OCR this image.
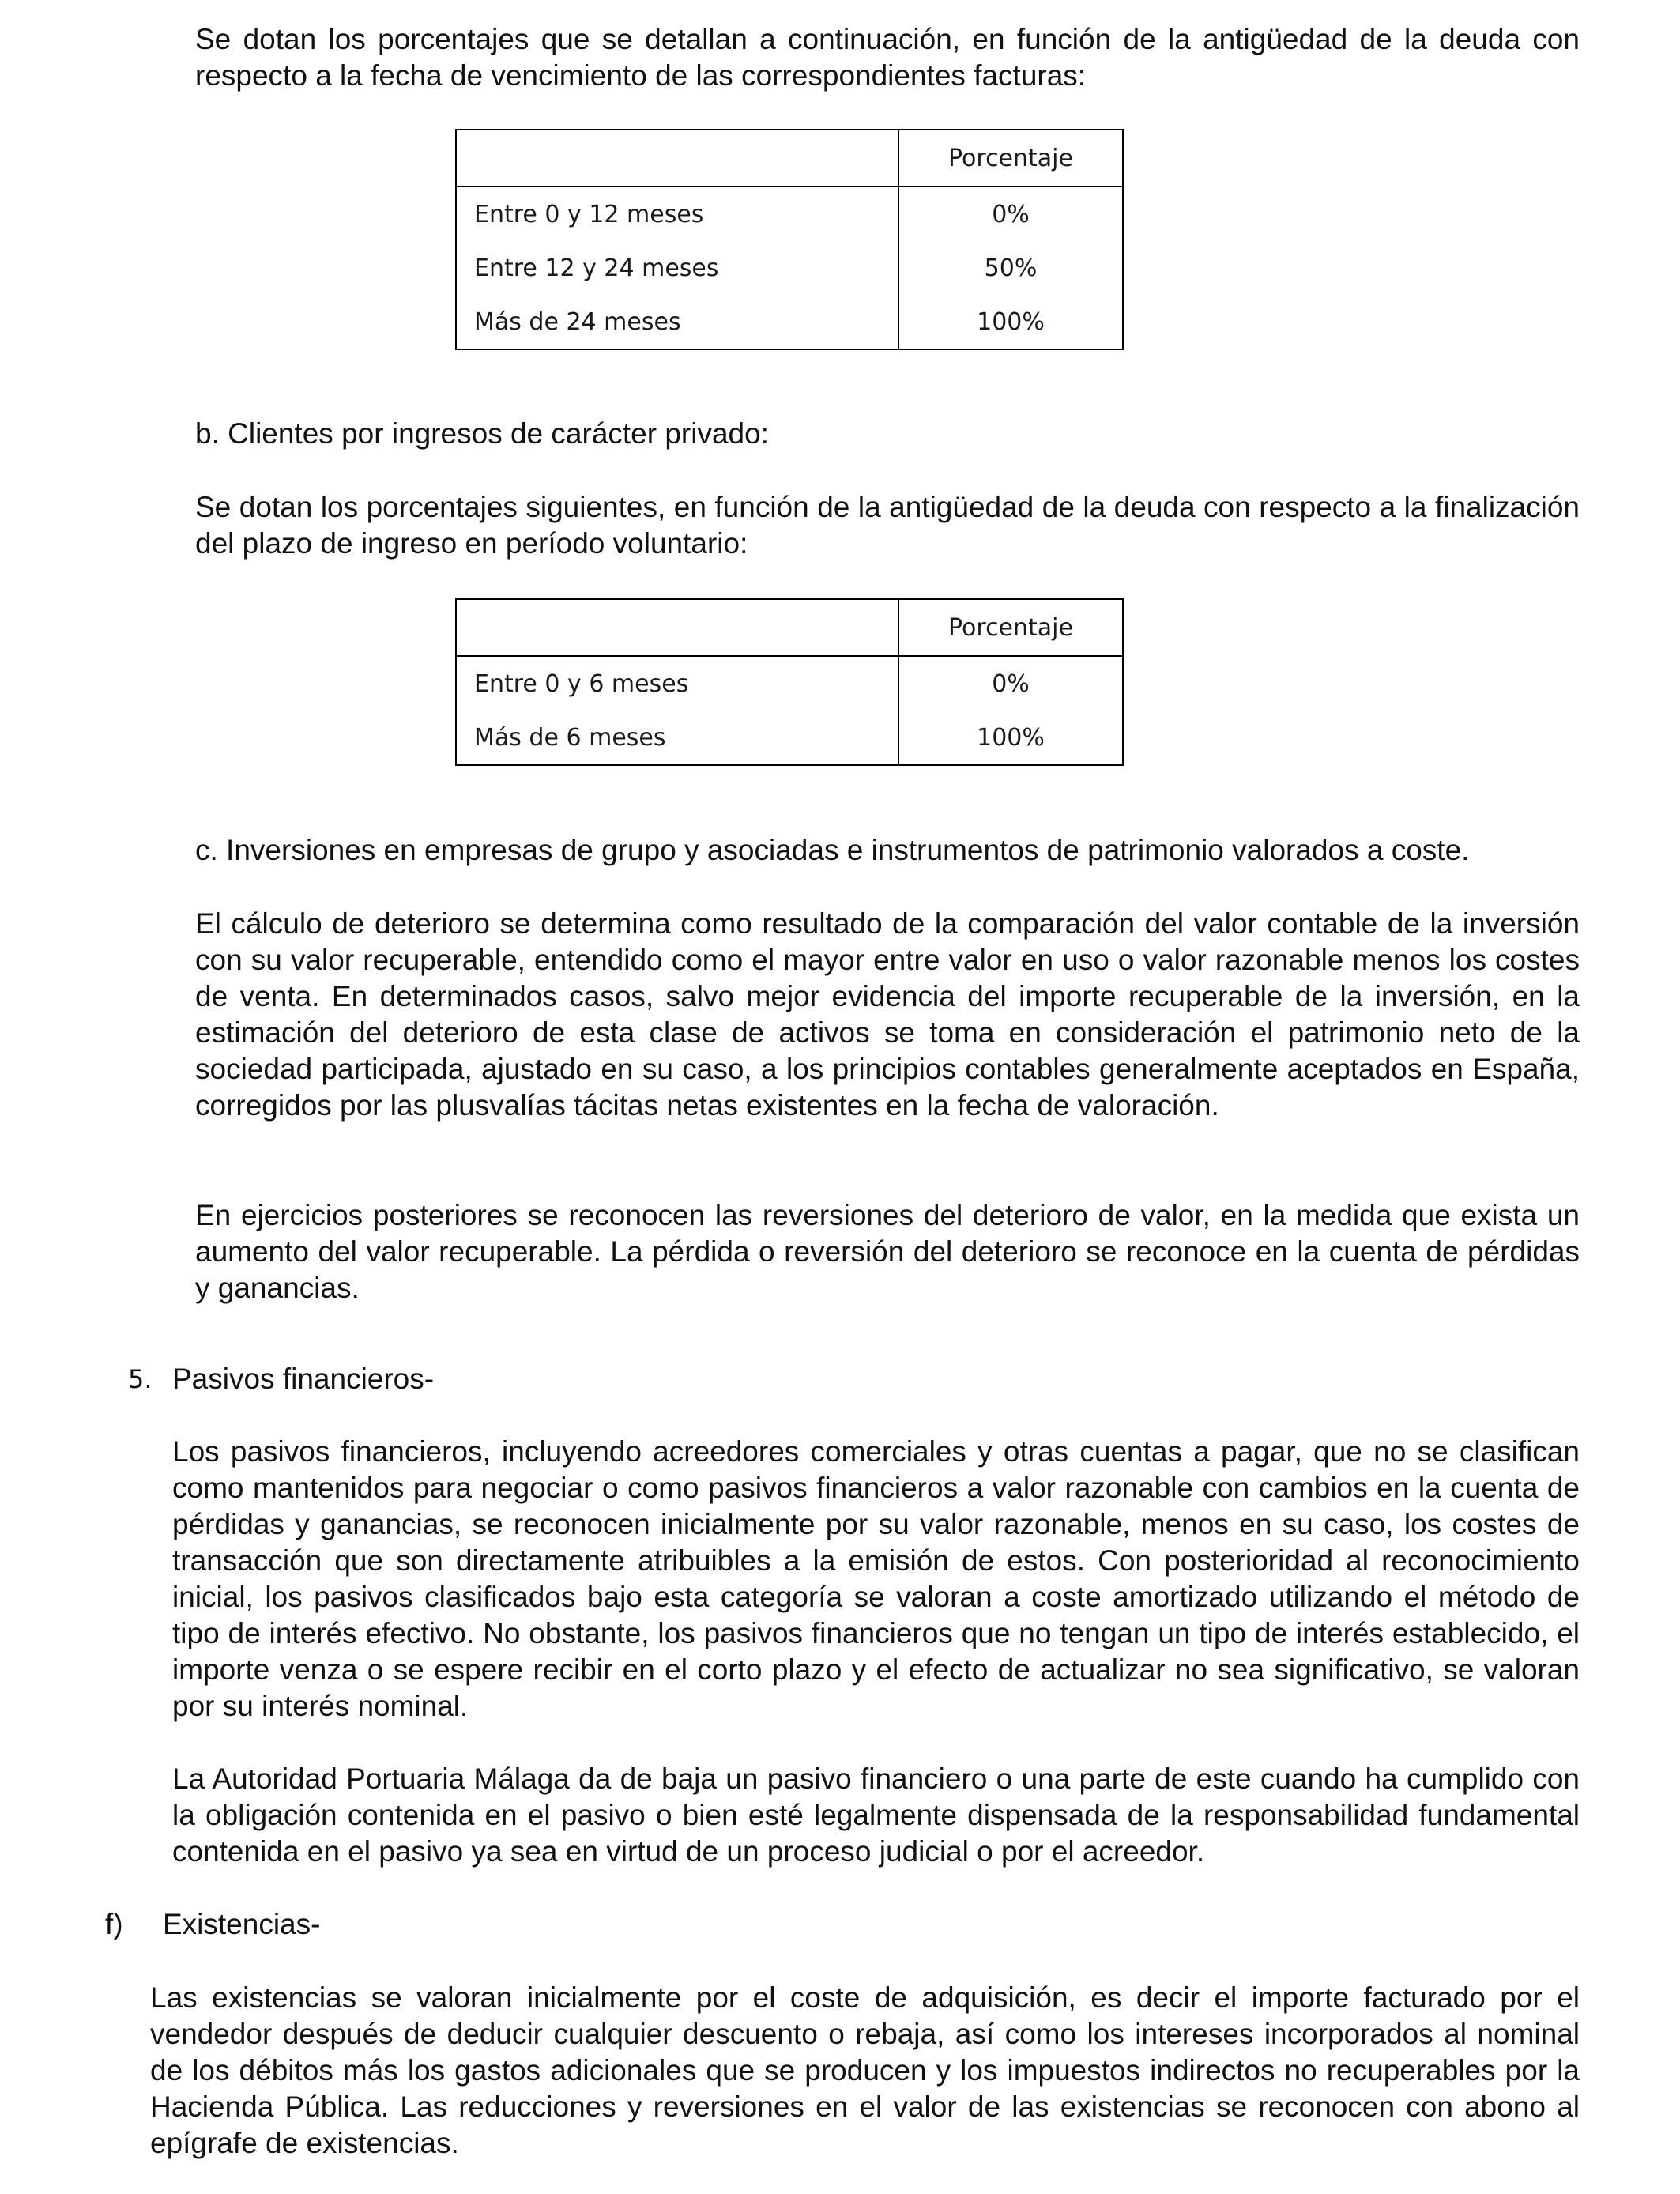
Se dotan los porcentajes que se detallan a continuación, en función de la antigüedad de la deuda con respecto a la fecha de vencimiento de las correspondientes facturas:

	Porcentaje
Entre 0 y 12 meses	0%
Entre 12 y 24 meses	50%
Más de 24 meses	100%

b. Clientes por ingresos de carácter privado:

Se dotan los porcentajes siguientes, en función de la antigüedad de la deuda con respecto a la finalización del plazo de ingreso en período voluntario:

	Porcentaje
Entre 0 y 6 meses	0%
Más de 6 meses	100%

c. Inversiones en empresas de grupo y asociadas e instrumentos de patrimonio valorados a coste.

El cálculo de deterioro se determina como resultado de la comparación del valor contable de la inversión con su valor recuperable, entendido como el mayor entre valor en uso o valor razonable menos los costes de venta. En determinados casos, salvo mejor evidencia del importe recuperable de la inversión, en la estimación del deterioro de esta clase de activos se toma en consideración el patrimonio neto de la sociedad participada, ajustado en su caso, a los principios contables generalmente aceptados en España, corregidos por las plusvalías tácitas netas existentes en la fecha de valoración.

En ejercicios posteriores se reconocen las reversiones del deterioro de valor, en la medida que exista un aumento del valor recuperable. La pérdida o reversión del deterioro se reconoce en la cuenta de pérdidas y ganancias.

5. Pasivos financieros-

Los pasivos financieros, incluyendo acreedores comerciales y otras cuentas a pagar, que no se clasifican como mantenidos para negociar o como pasivos financieros a valor razonable con cambios en la cuenta de pérdidas y ganancias, se reconocen inicialmente por su valor razonable, menos en su caso, los costes de transacción que son directamente atribuibles a la emisión de estos. Con posterioridad al reconocimiento inicial, los pasivos clasificados bajo esta categoría se valoran a coste amortizado utilizando el método de tipo de interés efectivo. No obstante, los pasivos financieros que no tengan un tipo de interés establecido, el importe venza o se espere recibir en el corto plazo y el efecto de actualizar no sea significativo, se valoran por su interés nominal.

La Autoridad Portuaria Málaga da de baja un pasivo financiero o una parte de este cuando ha cumplido con la obligación contenida en el pasivo o bien esté legalmente dispensada de la responsabilidad fundamental contenida en el pasivo ya sea en virtud de un proceso judicial o por el acreedor.

f) Existencias-

Las existencias se valoran inicialmente por el coste de adquisición, es decir el importe facturado por el vendedor después de deducir cualquier descuento o rebaja, así como los intereses incorporados al nominal de los débitos más los gastos adicionales que se producen y los impuestos indirectos no recuperables por la Hacienda Pública. Las reducciones y reversiones en el valor de las existencias se reconocen con abono al epígrafe de existencias.
